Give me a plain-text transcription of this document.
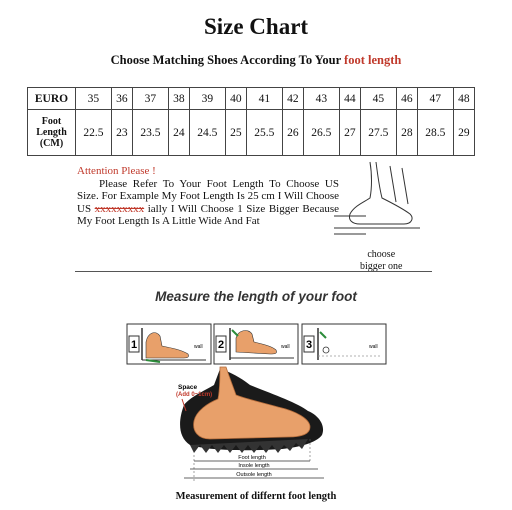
Size Chart
Choose Matching Shoes According To Your foot length
EURO	35	36	37	38	39	40	41	42	43	44	45	46	47	48
Foot
Length
(CM)	22.5	23	23.5	24	24.5	25	25.5	26	26.5	27	27.5	28	28.5	29
Attention Please !
Please Refer To Your Foot Length To Choose US Size. For Example My Foot Length Is 25 cm I Will Choose US xxxxxxxxx ially I Will Choose 1 Size Bigger Because My Foot Length Is A Little Wide And Fat
choose
bigger one
Measure the length of your foot
1	wall 2	wall 3	wall
Space
(Add 0~1cm)
Foot length
Insole length
Outsole length
Measurement of differnt foot length
